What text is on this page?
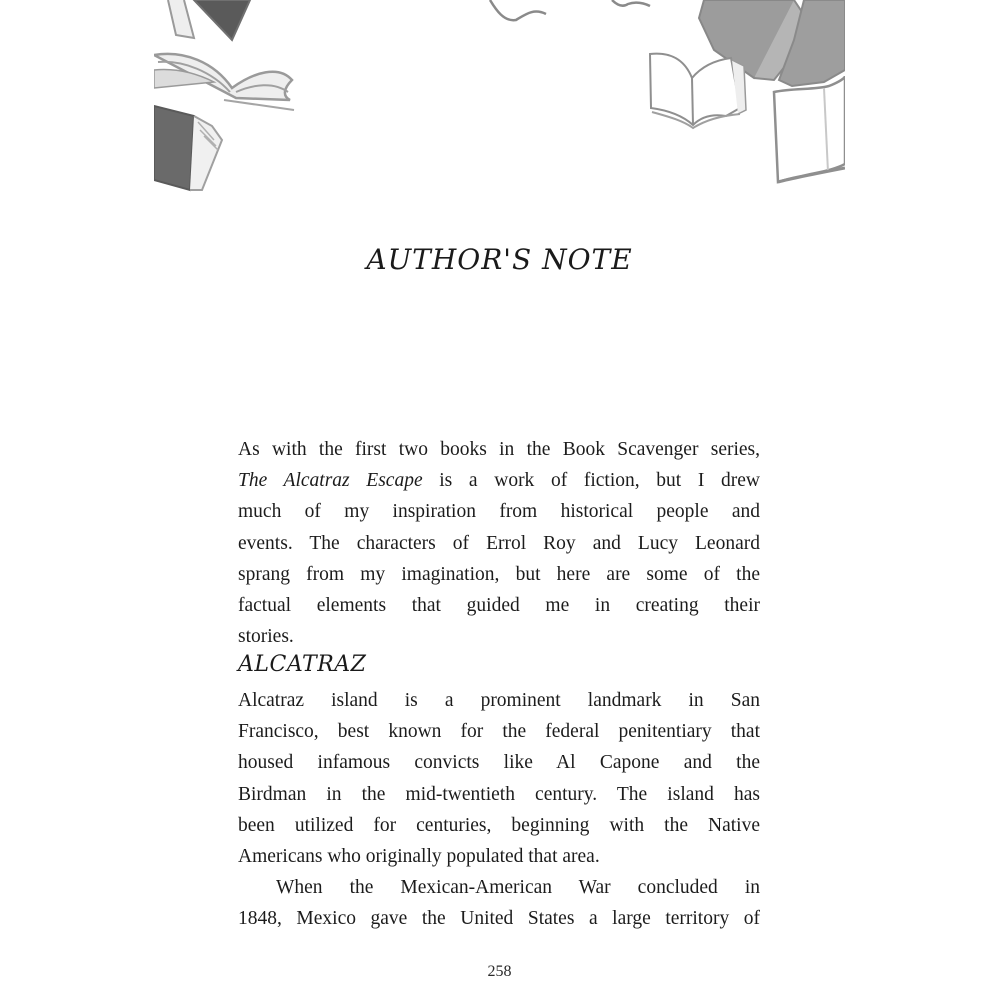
AUTHOR'S NOTE

As with the first two books in the Book Scavenger series,

The Alcatraz Escape is a work of fiction, but I drew

much of my inspiration from historical people and

events. The characters of Errol Roy and Lucy Leonard

sprang from my imagination, but here are some of the

factual elements that guided me in creating their

stories.

ALCATRAZ

Alcatraz island is a prominent landmark in San

Francisco, best known for the federal penitentiary that

housed infamous convicts like Al Capone and the

Birdman in the mid-twentieth century. The island has

been utilized for centuries, beginning with the Native

Americans who originally populated that area.

When the Mexican-American War concluded in

1848, Mexico gave the United States a large territory of

258
